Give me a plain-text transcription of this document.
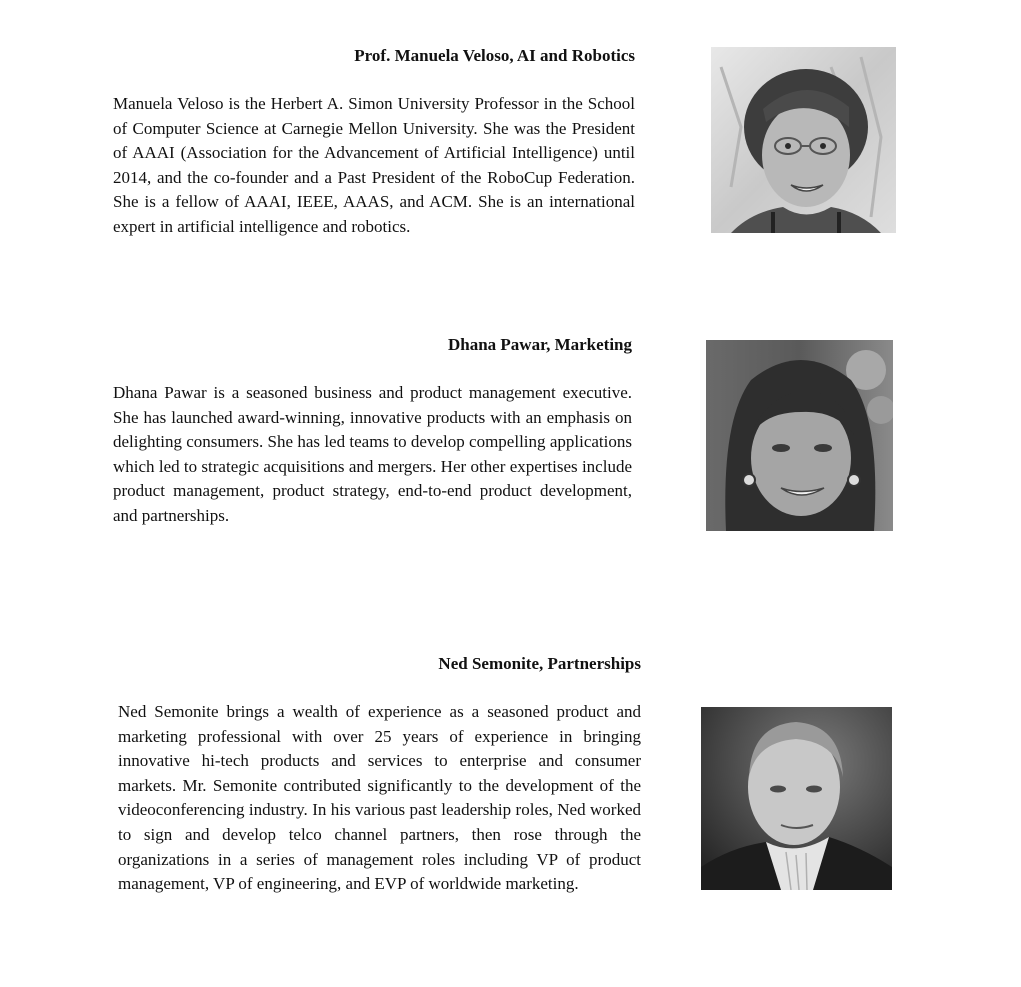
Prof. Manuela Veloso, AI and Robotics
Manuela Veloso is the Herbert A. Simon University Professor in the School of Computer Science at Carnegie Mellon University. She was the President of AAAI (Association for the Advancement of Artificial Intelligence) until 2014, and the co-founder and a Past President of the RoboCup Federation. She is a fellow of AAAI, IEEE, AAAS, and ACM. She is an international expert in artificial intelligence and robotics.
Dhana Pawar, Marketing
Dhana Pawar is a seasoned business and product management executive. She has launched award-winning, innovative products with an emphasis on delighting consumers. She has led teams to develop compelling applications which led to strategic acquisitions and mergers. Her other expertises include product management, product strategy, end-to-end product development, and partnerships.
Ned Semonite, Partnerships
Ned Semonite brings a wealth of experience as a seasoned product and marketing professional with over 25 years of experience in bringing innovative hi-tech products and services to enterprise and consumer markets. Mr. Semonite contributed significantly to the development of the videoconferencing industry. In his various past leadership roles, Ned worked to sign and develop telco channel partners, then rose through the organizations in a series of management roles including VP of product management, VP of engineering, and EVP of worldwide marketing.
